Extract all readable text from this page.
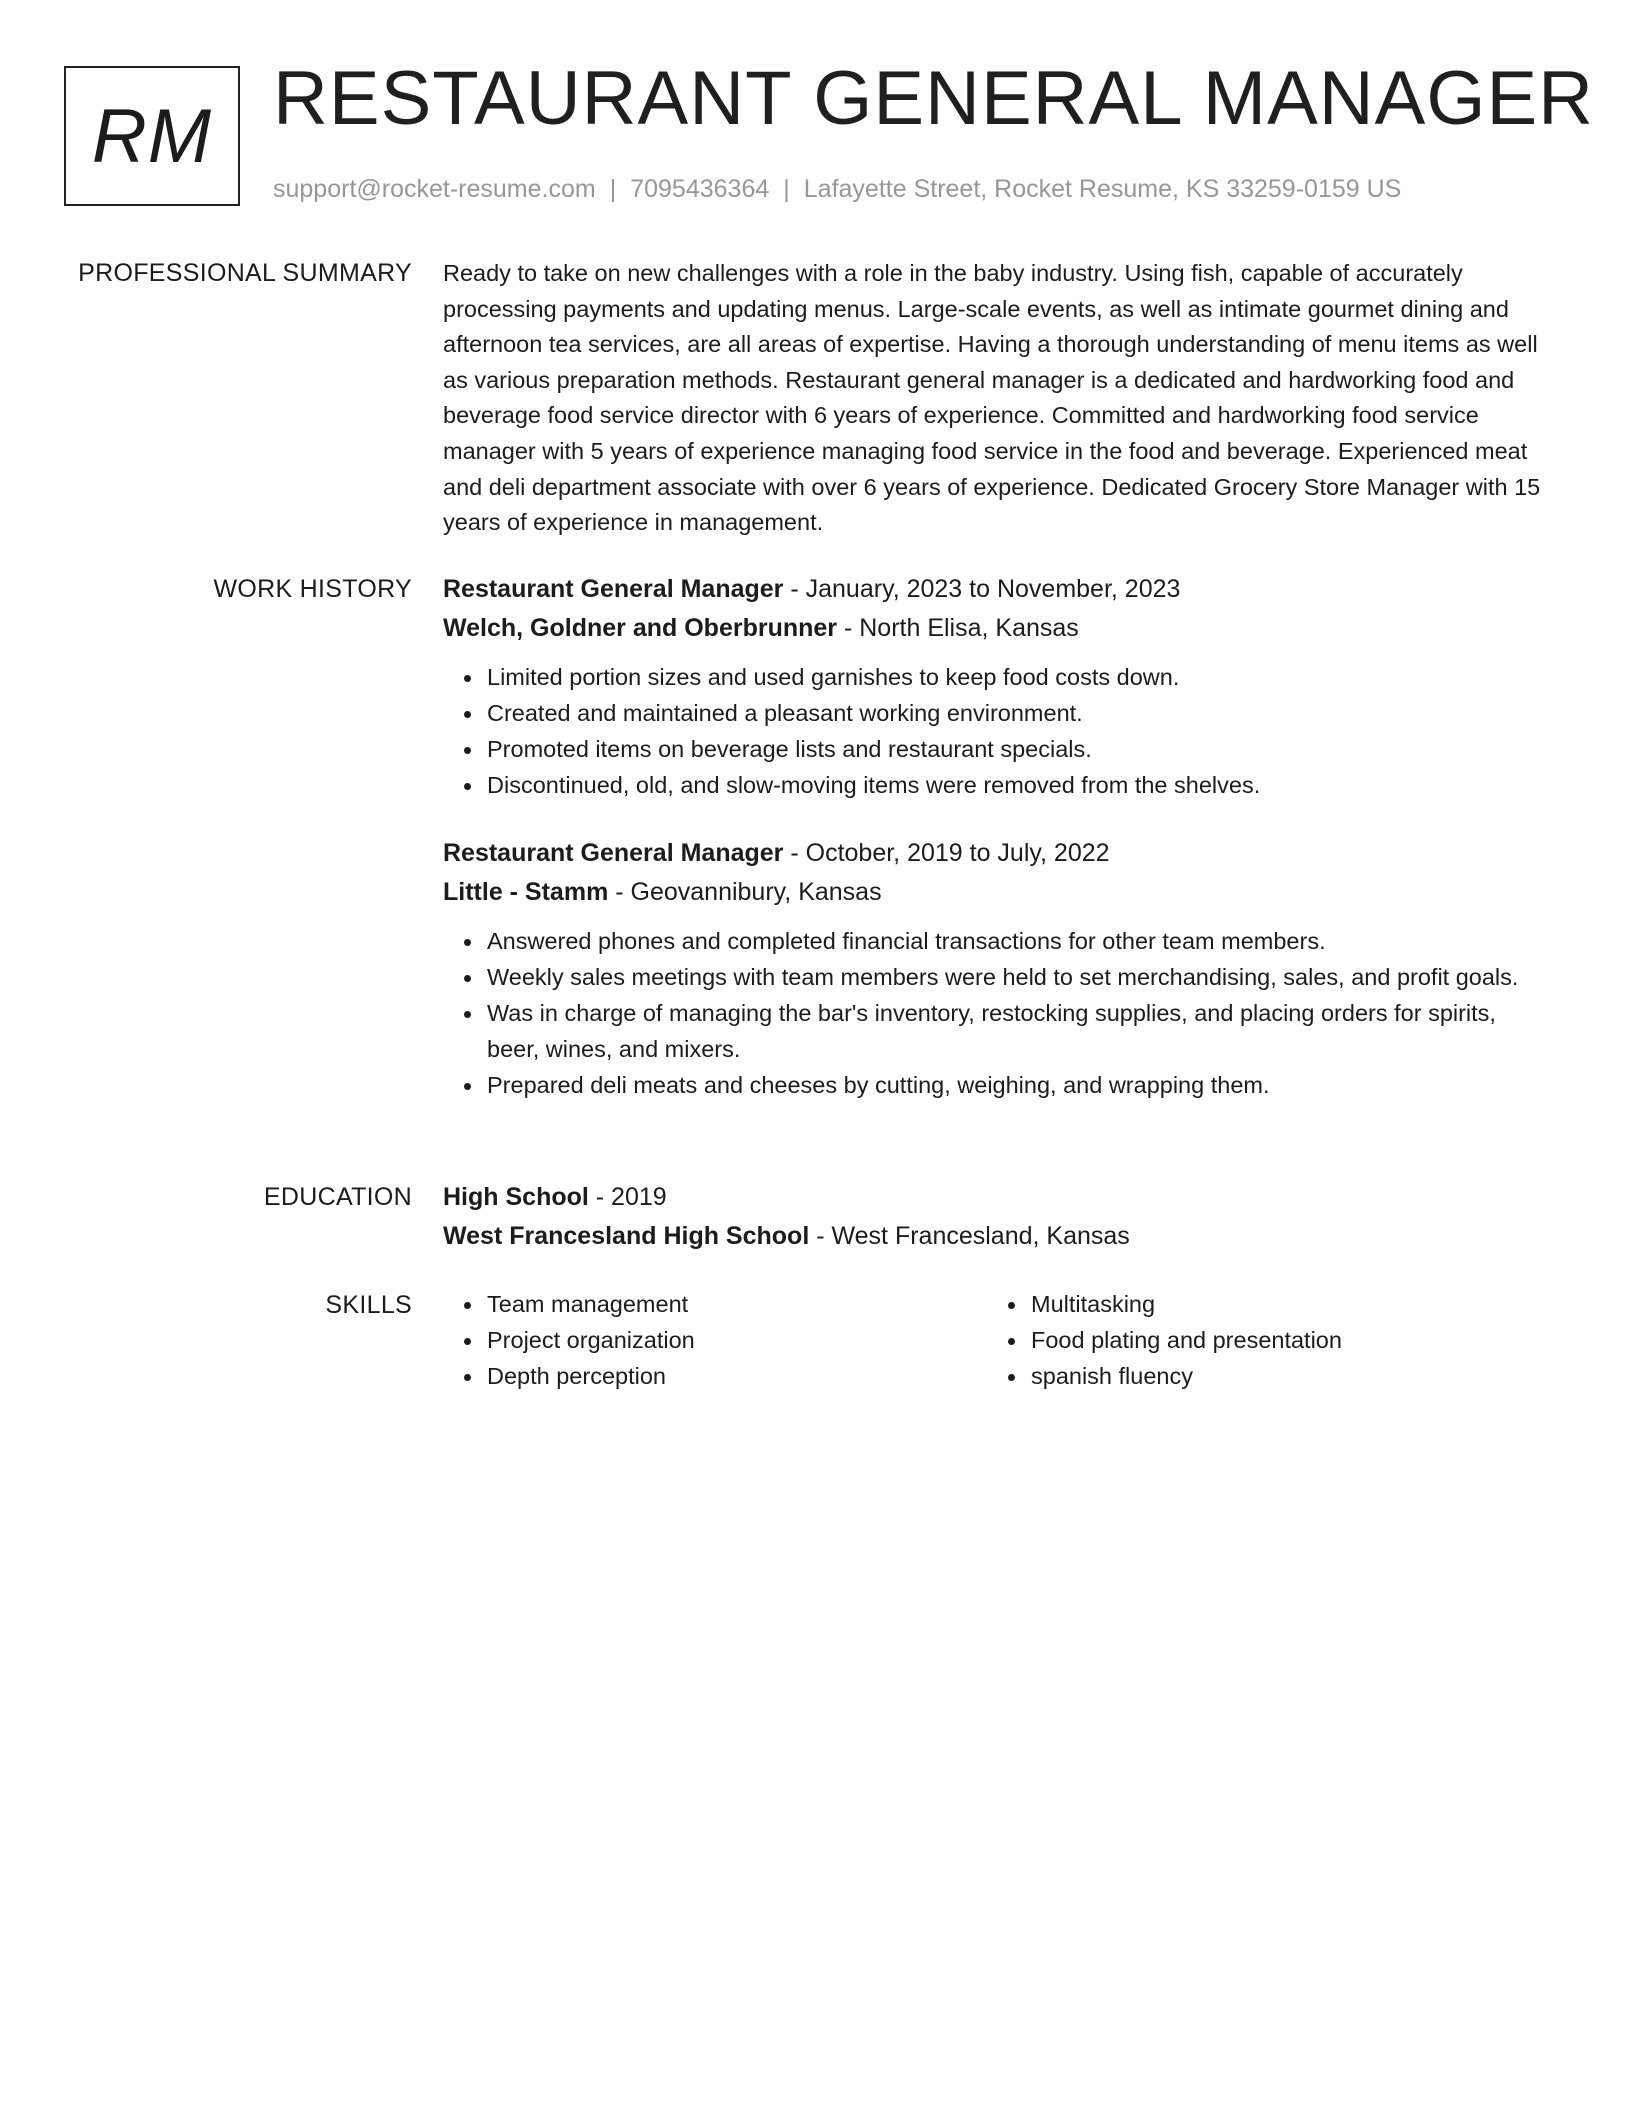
RM RESTAURANT GENERAL MANAGER
support@rocket-resume.com | 7095436364 | Lafayette Street, Rocket Resume, KS 33259-0159 US
PROFESSIONAL SUMMARY Ready to take on new challenges with a role in the baby industry. Using fish, capable of accurately processing payments and updating menus. Large-scale events, as well as intimate gourmet dining and afternoon tea services, are all areas of expertise. Having a thorough understanding of menu items as well as various preparation methods. Restaurant general manager is a dedicated and hardworking food and beverage food service director with 6 years of experience. Committed and hardworking food service manager with 5 years of experience managing food service in the food and beverage. Experienced meat and deli department associate with over 6 years of experience. Dedicated Grocery Store Manager with 15 years of experience in management.

WORK HISTORY Restaurant General Manager - January, 2023 to November, 2023
Welch, Goldner and Oberbrunner - North Elisa, Kansas
Limited portion sizes and used garnishes to keep food costs down.
Created and maintained a pleasant working environment.
Promoted items on beverage lists and restaurant specials.
Discontinued, old, and slow-moving items were removed from the shelves.
Restaurant General Manager - October, 2019 to July, 2022
Little - Stamm - Geovannibury, Kansas
Answered phones and completed financial transactions for other team members.
Weekly sales meetings with team members were held to set merchandising, sales, and profit goals.
Was in charge of managing the bar's inventory, restocking supplies, and placing orders for spirits, beer, wines, and mixers.
Prepared deli meats and cheeses by cutting, weighing, and wrapping them.
EDUCATION High School - 2019
West Francesland High School - West Francesland, Kansas
SKILLS	Team management
Project organization
Depth perception
Multitasking
Food plating and presentation
spanish fluency
